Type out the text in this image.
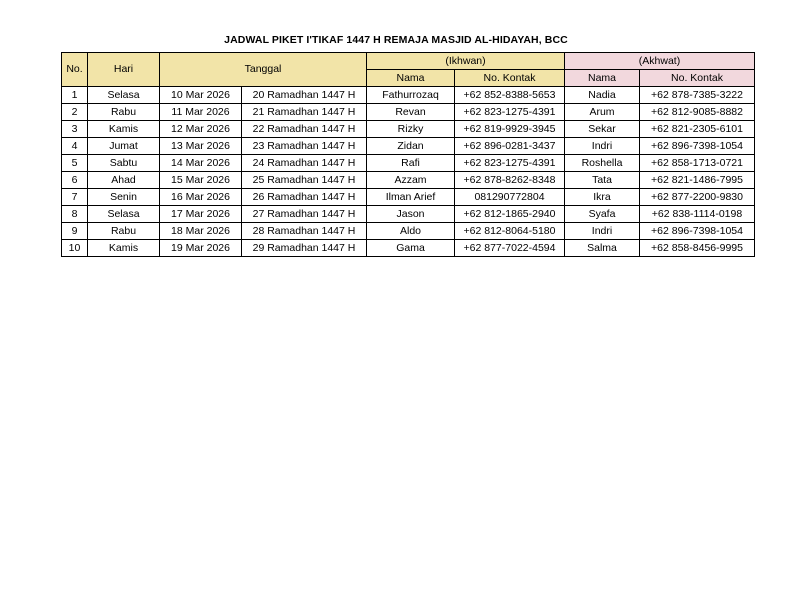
JADWAL PIKET I'TIKAF 1447 H REMAJA MASJID AL-HIDAYAH, BCC
No.	Hari	Tanggal		(Ikhwan)		(Akhwat)	
				Nama	No. Kontak	Nama	No. Kontak
1	Selasa	10 Mar 2026	20 Ramadhan 1447 H	Fathurrozaq	+62 852-8388-5653	Nadia	+62 878-7385-3222
2	Rabu	11 Mar 2026	21 Ramadhan 1447 H	Revan	+62 823-1275-4391	Arum	+62 812-9085-8882
3	Kamis	12 Mar 2026	22 Ramadhan 1447 H	Rizky	+62 819-9929-3945	Sekar	+62 821-2305-6101
4	Jumat	13 Mar 2026	23 Ramadhan 1447 H	Zidan	+62 896-0281-3437	Indri	+62 896-7398-1054
5	Sabtu	14 Mar 2026	24 Ramadhan 1447 H	Rafi	+62 823-1275-4391	Roshella	+62 858-1713-0721
6	Ahad	15 Mar 2026	25 Ramadhan 1447 H	Azzam	+62 878-8262-8348	Tata	+62 821-1486-7995
7	Senin	16 Mar 2026	26 Ramadhan 1447 H	Ilman Arief	081290772804	Ikra	+62 877-2200-9830
8	Selasa	17 Mar 2026	27 Ramadhan 1447 H	Jason	+62 812-1865-2940	Syafa	+62 838-1114-0198
9	Rabu	18 Mar 2026	28 Ramadhan 1447 H	Aldo	+62 812-8064-5180	Indri	+62 896-7398-1054
10	Kamis	19 Mar 2026	29 Ramadhan 1447 H	Gama	+62 877-7022-4594	Salma	+62 858-8456-9995
